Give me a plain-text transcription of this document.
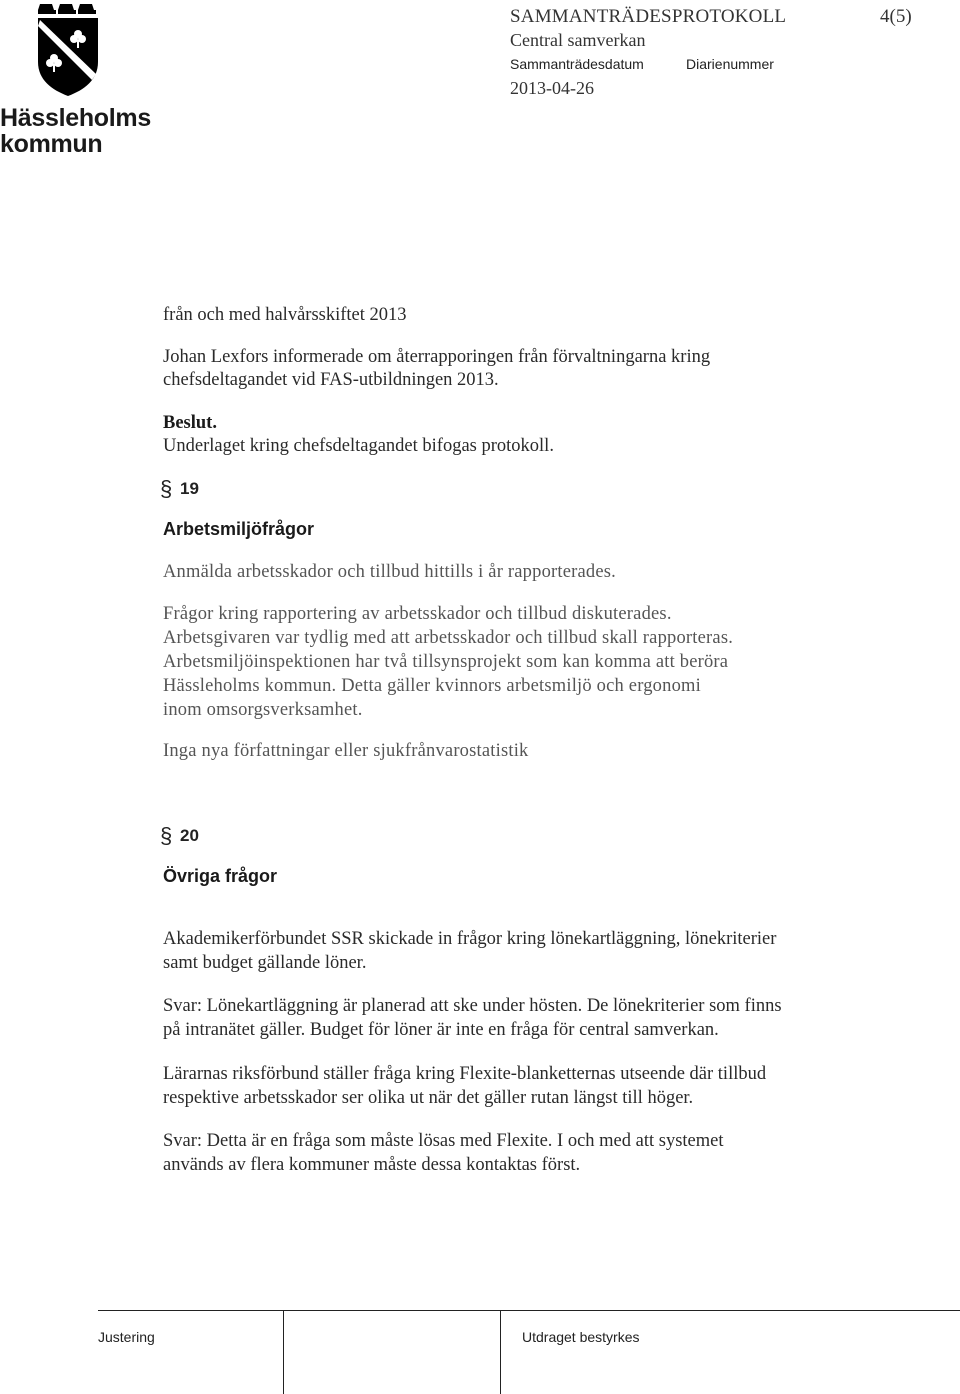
Hässleholms
kommun
SAMMANTRÄDESPROTOKOLL	4(5)
Central samverkan
Sammanträdesdatum	Diarienummer
2013-04-26
från och med halvårsskiftet 2013
Johan Lexfors informerade om återrapporingen från förvaltningarna kring
chefsdeltagandet vid FAS-utbildningen 2013.
Beslut.
Underlaget kring chefsdeltagandet bifogas protokoll.
§ 19
Arbetsmiljöfrågor
Anmälda arbetsskador och tillbud hittills i år rapporterades.
Frågor kring rapportering av arbetsskador och tillbud diskuterades.
Arbetsgivaren var tydlig med att arbetsskador och tillbud skall rapporteras.
Arbetsmiljöinspektionen har två tillsynsprojekt som kan komma att beröra
Hässleholms kommun. Detta gäller kvinnors arbetsmiljö och ergonomi
inom omsorgsverksamhet.
Inga nya författningar eller sjukfrånvarostatistik
§ 20
Övriga frågor
Akademikerförbundet SSR skickade in frågor kring lönekartläggning, lönekriterier
samt budget gällande löner.
Svar: Lönekartläggning är planerad att ske under hösten. De lönekriterier som finns
på intranätet gäller. Budget för löner är inte en fråga för central samverkan.
Lärarnas riksförbund ställer fråga kring Flexite-blanketternas utseende där tillbud
respektive arbetsskador ser olika ut när det gäller rutan längst till höger.
Svar: Detta är en fråga som måste lösas med Flexite. I och med att systemet
används av flera kommuner måste dessa kontaktas först.
Justering	Utdraget bestyrkes
